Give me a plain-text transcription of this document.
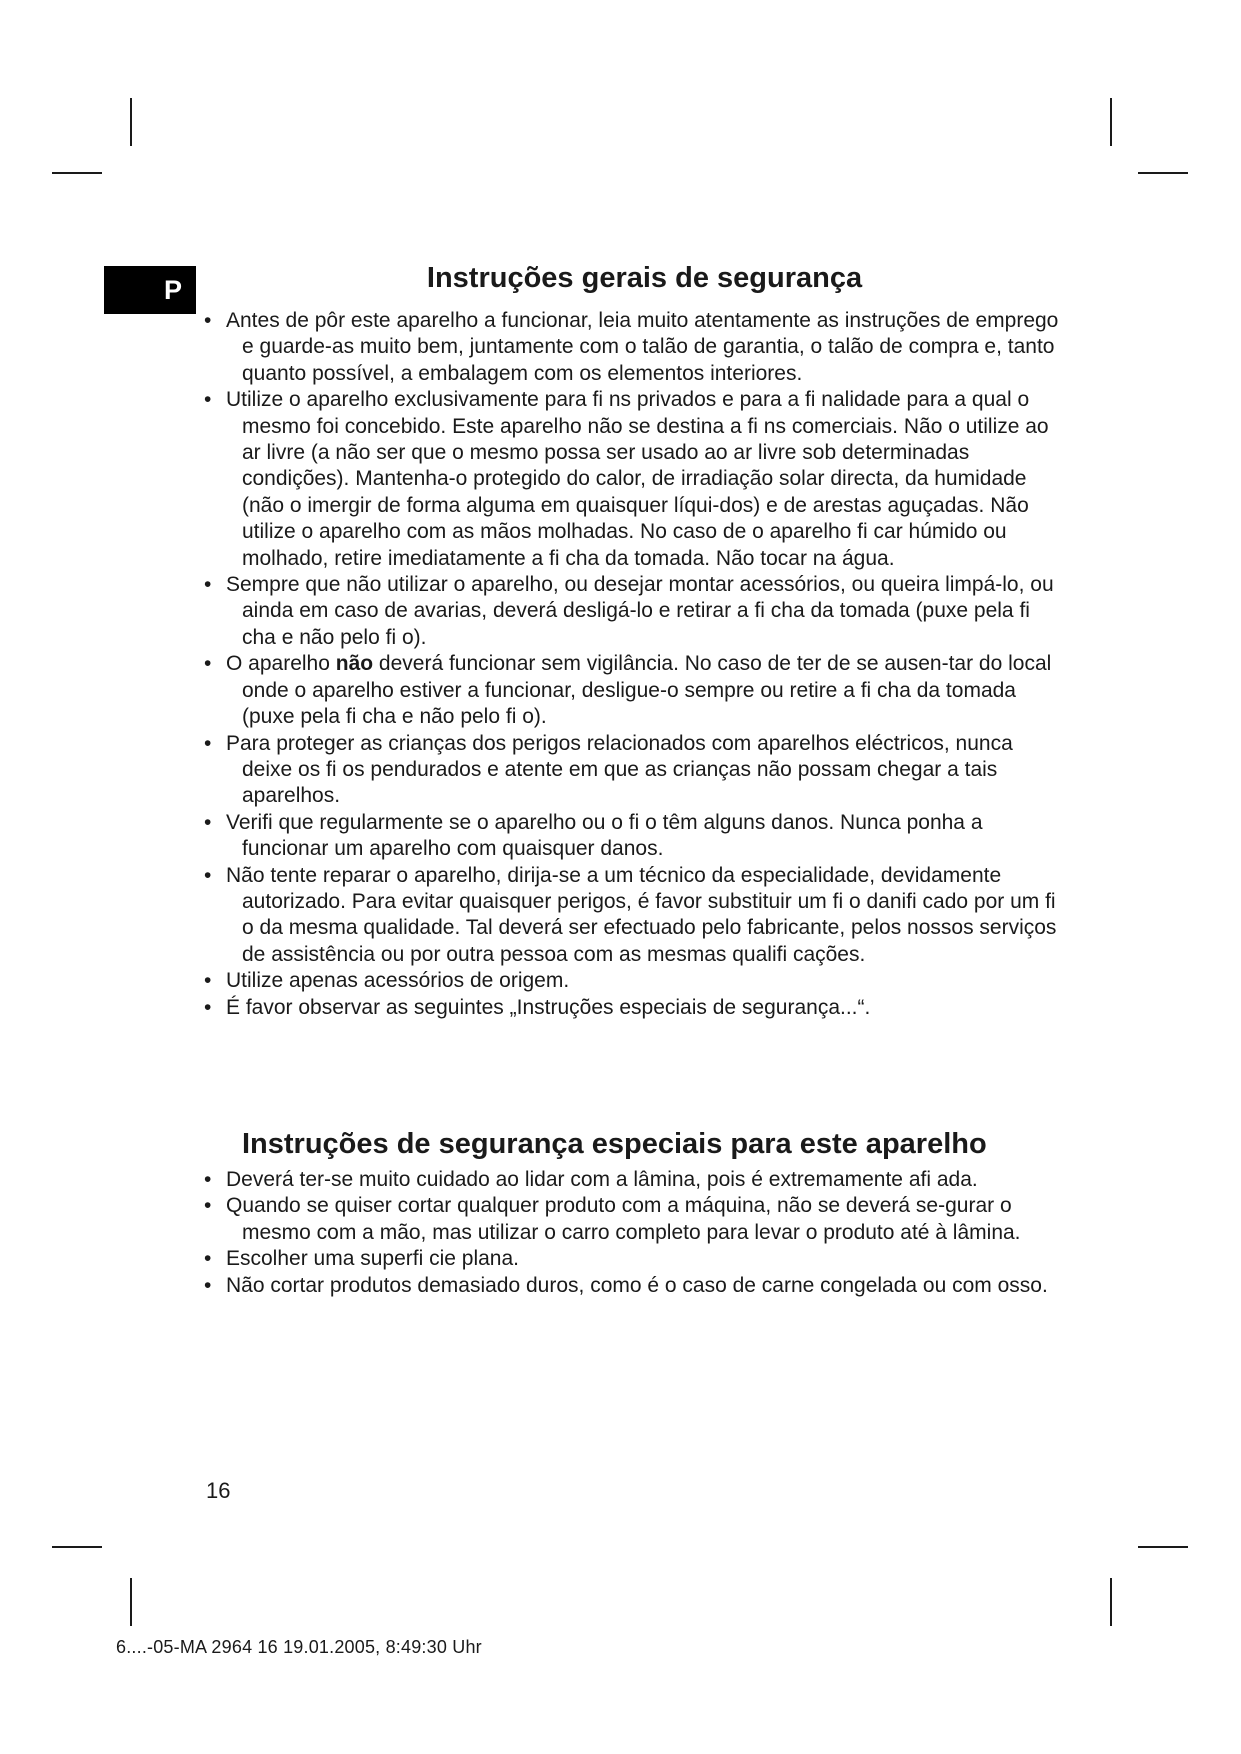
P	Instruções gerais de segurança
• Antes de pôr este aparelho a funcionar, leia muito atentamente as instruções de emprego e guarde-as muito bem, juntamente com o talão de garantia, o talão de compra e, tanto quanto possível, a embalagem com os elementos interiores.
• Utilize o aparelho exclusivamente para fi ns privados e para a fi nalidade para a qual o mesmo foi concebido. Este aparelho não se destina a fi ns comerciais. Não o utilize ao ar livre (a não ser que o mesmo possa ser usado ao ar livre sob determinadas condições). Mantenha-o protegido do calor, de irradiação solar directa, da humidade (não o imergir de forma alguma em quaisquer líqui-dos) e de arestas aguçadas. Não utilize o aparelho com as mãos molhadas. No caso de o aparelho fi car húmido ou molhado, retire imediatamente a fi cha da tomada. Não tocar na água.
• Sempre que não utilizar o aparelho, ou desejar montar acessórios, ou queira limpá-lo, ou ainda em caso de avarias, deverá desligá-lo e retirar a fi cha da tomada (puxe pela fi cha e não pelo fi o).
• O aparelho não deverá funcionar sem vigilância. No caso de ter de se ausen-tar do local onde o aparelho estiver a funcionar, desligue-o sempre ou retire a fi cha da tomada (puxe pela fi cha e não pelo fi o).
• Para proteger as crianças dos perigos relacionados com aparelhos eléctricos, nunca deixe os fi os pendurados e atente em que as crianças não possam chegar a tais aparelhos.
• Verifi que regularmente se o aparelho ou o fi o têm alguns danos. Nunca ponha a funcionar um aparelho com quaisquer danos.
• Não tente reparar o aparelho, dirija-se a um técnico da especialidade, devidamente autorizado. Para evitar quaisquer perigos, é favor substituir um fi o danifi cado por um fi o da mesma qualidade. Tal deverá ser efectuado pelo fabricante, pelos nossos serviços de assistência ou por outra pessoa com as mesmas qualifi cações.
• Utilize apenas acessórios de origem.
• É favor observar as seguintes „Instruções especiais de segurança...“.
Instruções de segurança especiais para este aparelho
• Deverá ter-se muito cuidado ao lidar com a lâmina, pois é extremamente afi ada.
• Quando se quiser cortar qualquer produto com a máquina, não se deverá se-gurar o mesmo com a mão, mas utilizar o carro completo para levar o produto até à lâmina.
• Escolher uma superfi cie plana.
• Não cortar produtos demasiado duros, como é o caso de carne congelada ou com osso.
16
6....-05-MA 2964 16 19.01.2005, 8:49:30 Uhr
